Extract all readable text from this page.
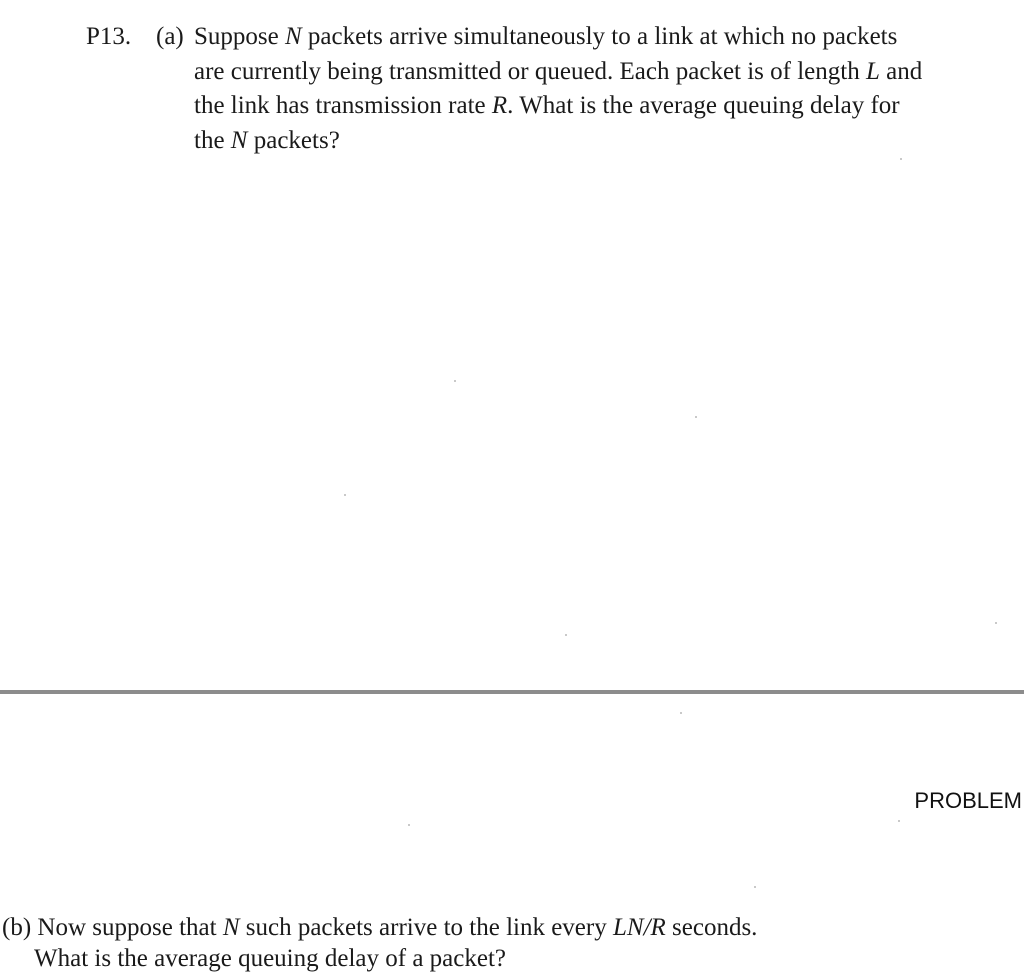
P13. (a) Suppose N packets arrive simultaneously to a link at which no packets
are currently being transmitted or queued. Each packet is of length L and
the link has transmission rate R. What is the average queuing delay for
the N packets?
PROBLEM
(b) Now suppose that N such packets arrive to the link every LN/R seconds.
What is the average queuing delay of a packet?
